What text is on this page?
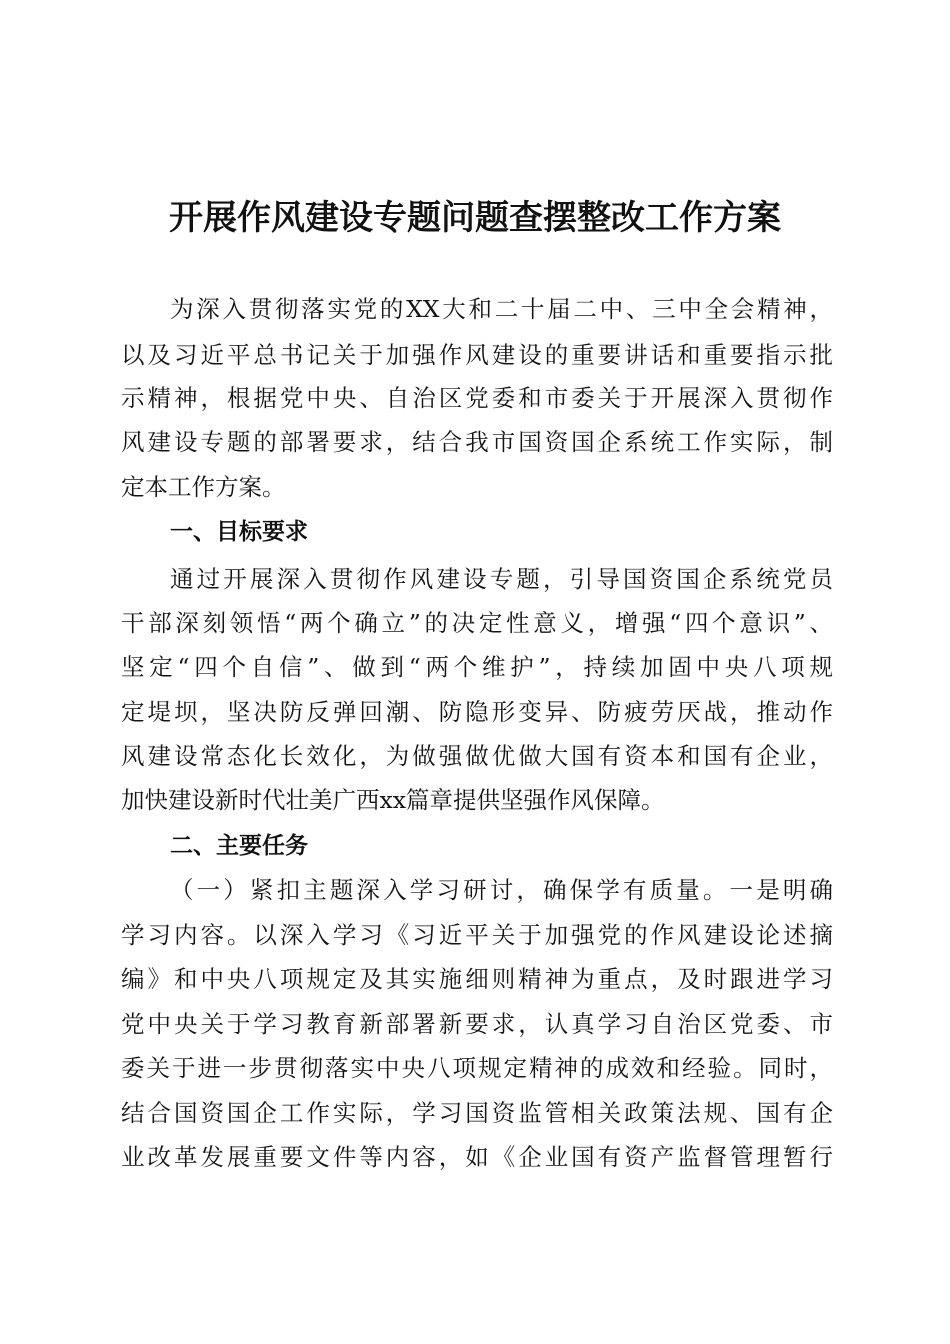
开展作风建设专题问题查摆整改工作方案
为深入贯彻落实党的XX大和二十届二中、三中全会精神，
以及习近平总书记关于加强作风建设的重要讲话和重要指示批
示精神，根据党中央、自治区党委和市委关于开展深入贯彻作
风建设专题的部署要求，结合我市国资国企系统工作实际，制
定本工作方案。
一、目标要求
通过开展深入贯彻作风建设专题，引导国资国企系统党员
干部深刻领悟“两个确立”的决定性意义，增强“四个意识”、
坚定“四个自信”、做到“两个维护”，持续加固中央八项规
定堤坝，坚决防反弹回潮、防隐形变异、防疲劳厌战，推动作
风建设常态化长效化，为做强做优做大国有资本和国有企业，
加快建设新时代壮美广西xx篇章提供坚强作风保障。
二、主要任务
（一）紧扣主题深入学习研讨，确保学有质量。一是明确
学习内容。以深入学习《习近平关于加强党的作风建设论述摘
编》和中央八项规定及其实施细则精神为重点，及时跟进学习
党中央关于学习教育新部署新要求，认真学习自治区党委、市
委关于进一步贯彻落实中央八项规定精神的成效和经验。同时，
结合国资国企工作实际，学习国资监管相关政策法规、国有企
业改革发展重要文件等内容，如《企业国有资产监督管理暂行
